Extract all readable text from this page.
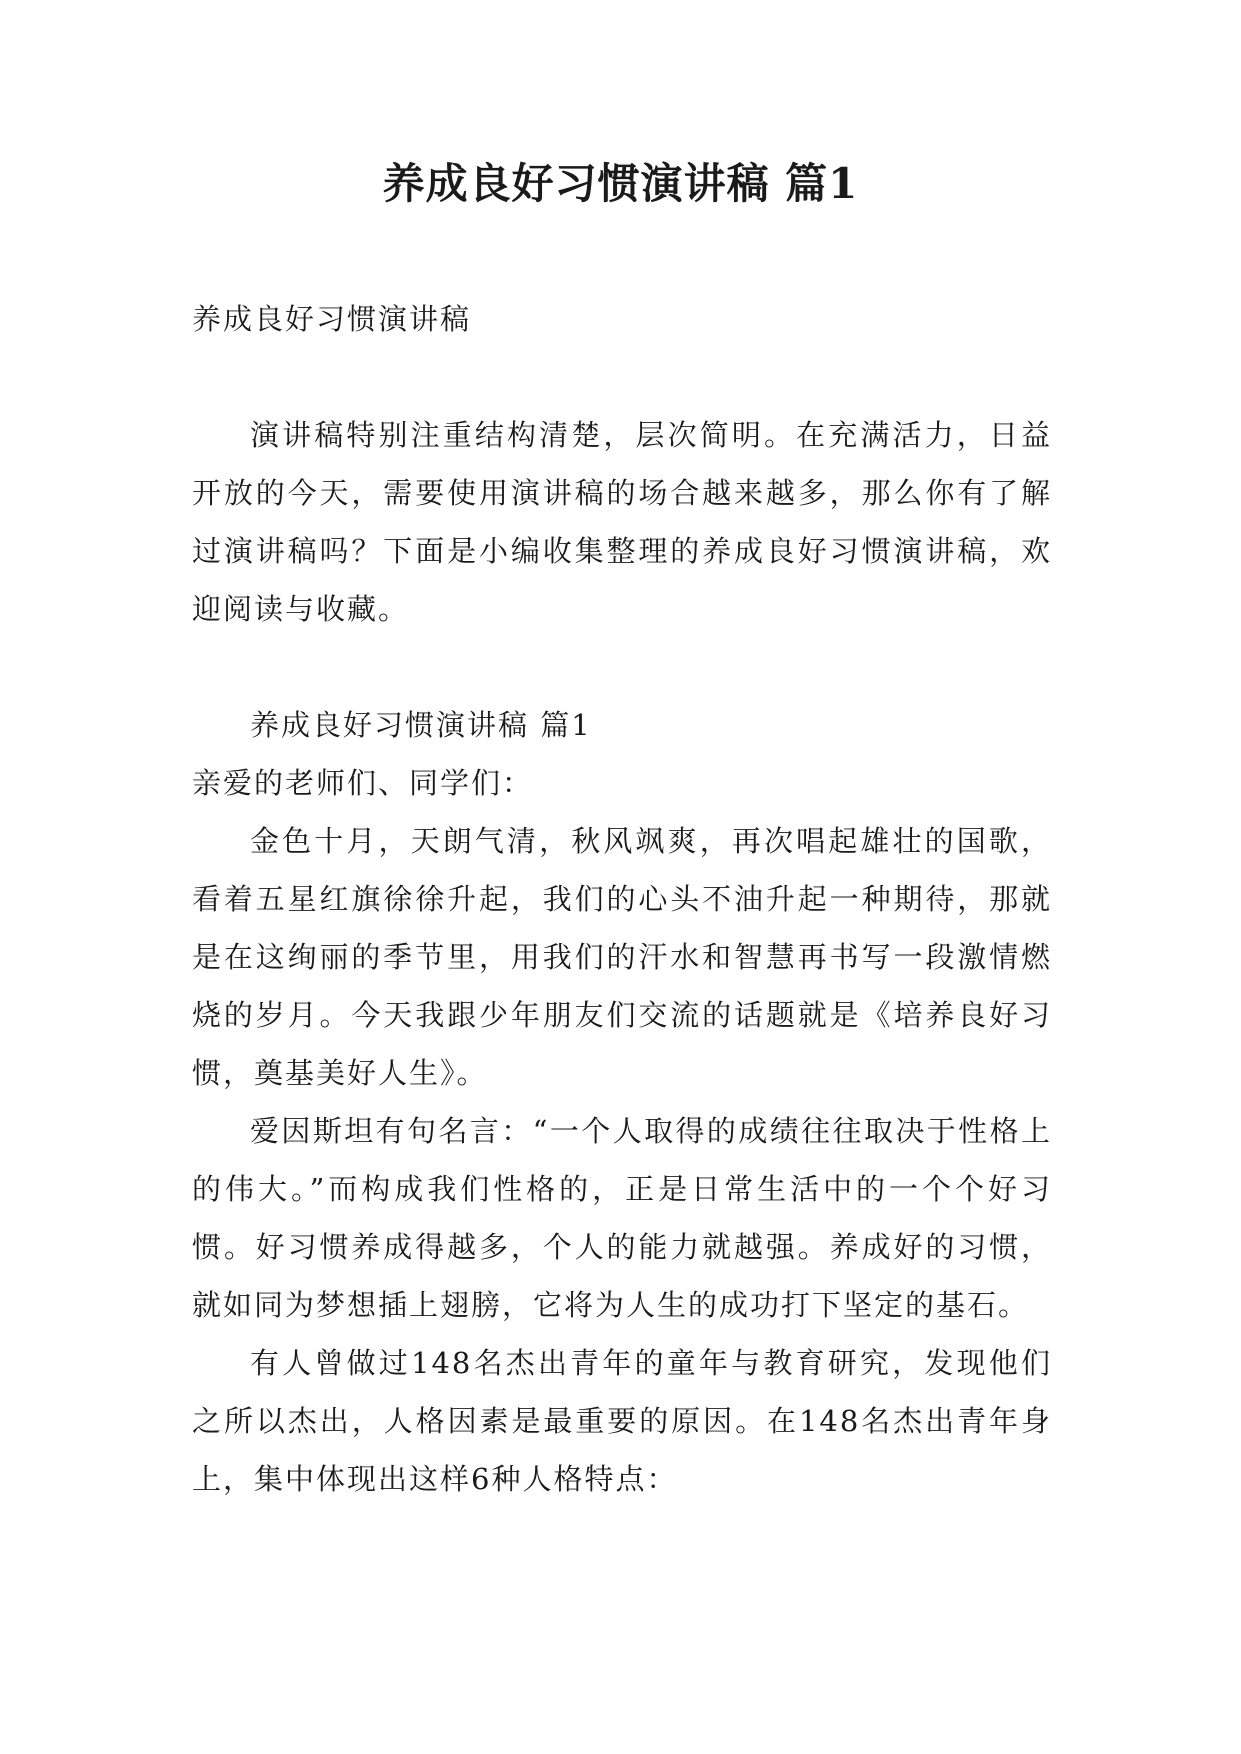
养成良好习惯演讲稿 篇1

养成良好习惯演讲稿

演讲稿特别注重结构清楚，层次简明。在充满活力，日益开放的今天，需要使用演讲稿的场合越来越多，那么你有了解过演讲稿吗？下面是小编收集整理的养成良好习惯演讲稿，欢迎阅读与收藏。

养成良好习惯演讲稿 篇1

亲爱的老师们、同学们：

金色十月，天朗气清，秋风飒爽，再次唱起雄壮的国歌，看着五星红旗徐徐升起，我们的心头不油升起一种期待，那就是在这绚丽的季节里，用我们的汗水和智慧再书写一段激情燃烧的岁月。今天我跟少年朋友们交流的话题就是《培养良好习惯，奠基美好人生》。

爱因斯坦有句名言：“一个人取得的成绩往往取决于性格上的伟大。”而构成我们性格的，正是日常生活中的一个个好习惯。好习惯养成得越多，个人的能力就越强。养成好的习惯，就如同为梦想插上翅膀，它将为人生的成功打下坚定的基石。

有人曾做过148名杰出青年的童年与教育研究，发现他们之所以杰出，人格因素是最重要的原因。在148名杰出青年身上，集中体现出这样6种人格特点：
